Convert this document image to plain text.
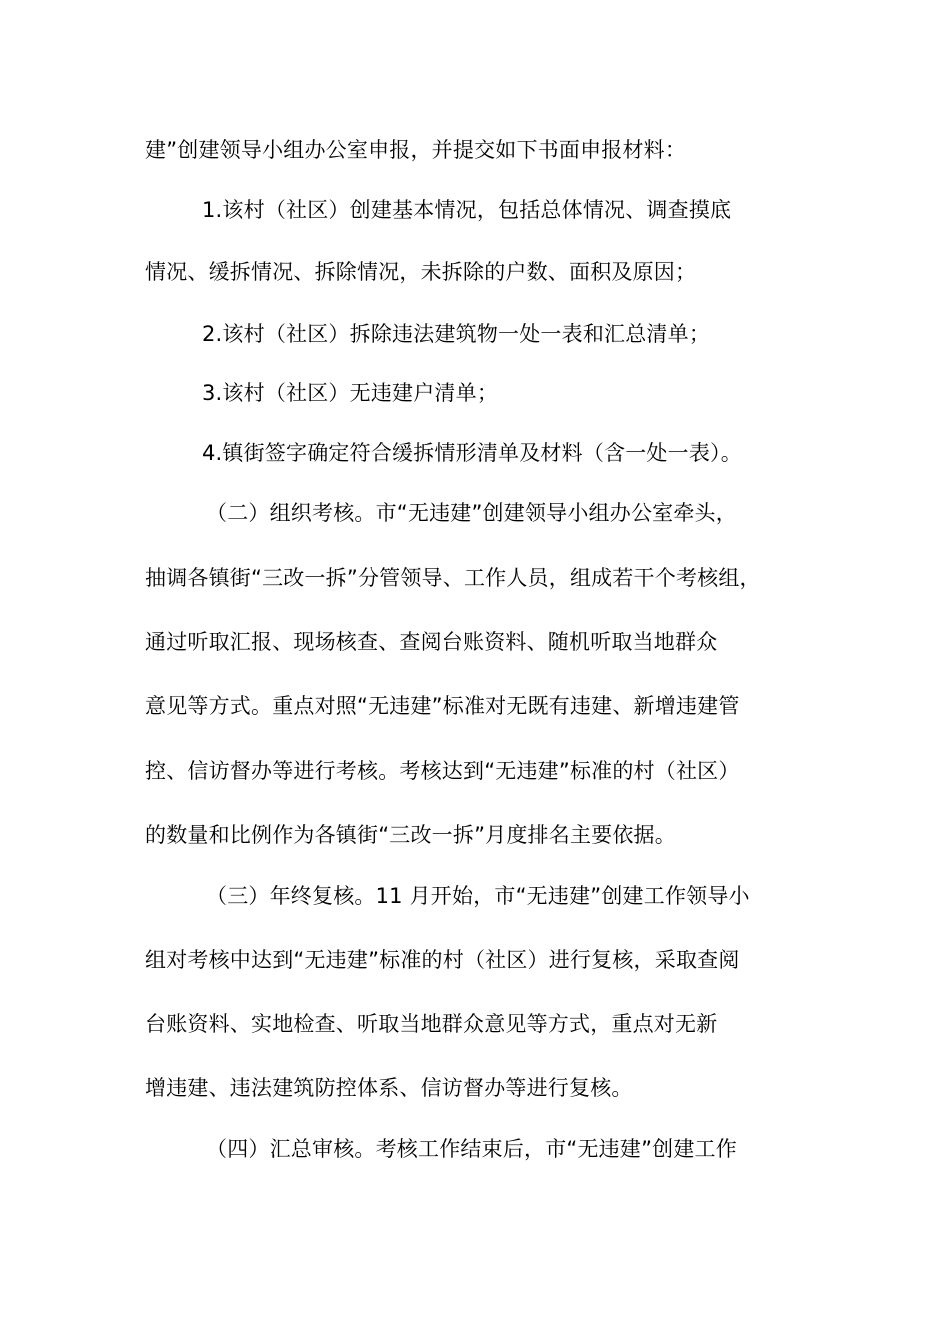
建”创建领导小组办公室申报，并提交如下书面申报材料：
1.该村（社区）创建基本情况，包括总体情况、调查摸底
情况、缓拆情况、拆除情况，未拆除的户数、面积及原因；
2.该村（社区）拆除违法建筑物一处一表和汇总清单；
3.该村（社区）无违建户清单；
4.镇街签字确定符合缓拆情形清单及材料（含一处一表）。
（二）组织考核。市“无违建”创建领导小组办公室牵头，
抽调各镇街“三改一拆”分管领导、工作人员，组成若干个考核组，
通过听取汇报、现场核查、查阅台账资料、随机听取当地群众
意见等方式。重点对照“无违建”标准对无既有违建、新增违建管
控、信访督办等进行考核。考核达到“无违建”标准的村（社区）
的数量和比例作为各镇街“三改一拆”月度排名主要依据。
（三）年终复核。11 月开始，市“无违建”创建工作领导小
组对考核中达到“无违建”标准的村（社区）进行复核，采取查阅
台账资料、实地检查、听取当地群众意见等方式，重点对无新
增违建、违法建筑防控体系、信访督办等进行复核。
（四）汇总审核。考核工作结束后，市“无违建”创建工作
